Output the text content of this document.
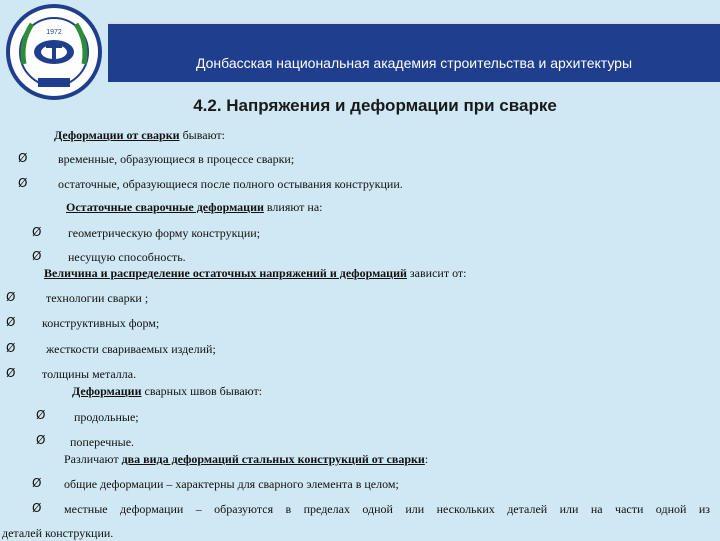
Донбасская национальная академия строительства и архитектуры
1972
4.2. Напряжения и деформации при сварке
Деформации от сварки бывают:
Ø	временные, образующиеся в процессе сварки;
Ø	остаточные, образующиеся после полного остывания конструкции.
Остаточные сварочные деформации влияют на:
Ø геометрическую форму конструкции;
Ø несущую способность.
Величина и распределение остаточных напряжений и деформаций зависит от:
Ø	технологии сварки ;
Ø конструктивных форм;
Ø	жесткости свариваемых изделий;
Ø толщины металла.
Деформации сварных швов бывают:
Ø продольные;
Ø поперечные.
Различают два вида деформаций стальных конструкций от сварки:
Ø общие деформации – характерны для сварного элемента в целом;
Ø местные деформации – образуются в пределах одной или нескольких деталей или на части одной из
деталей конструкции.
